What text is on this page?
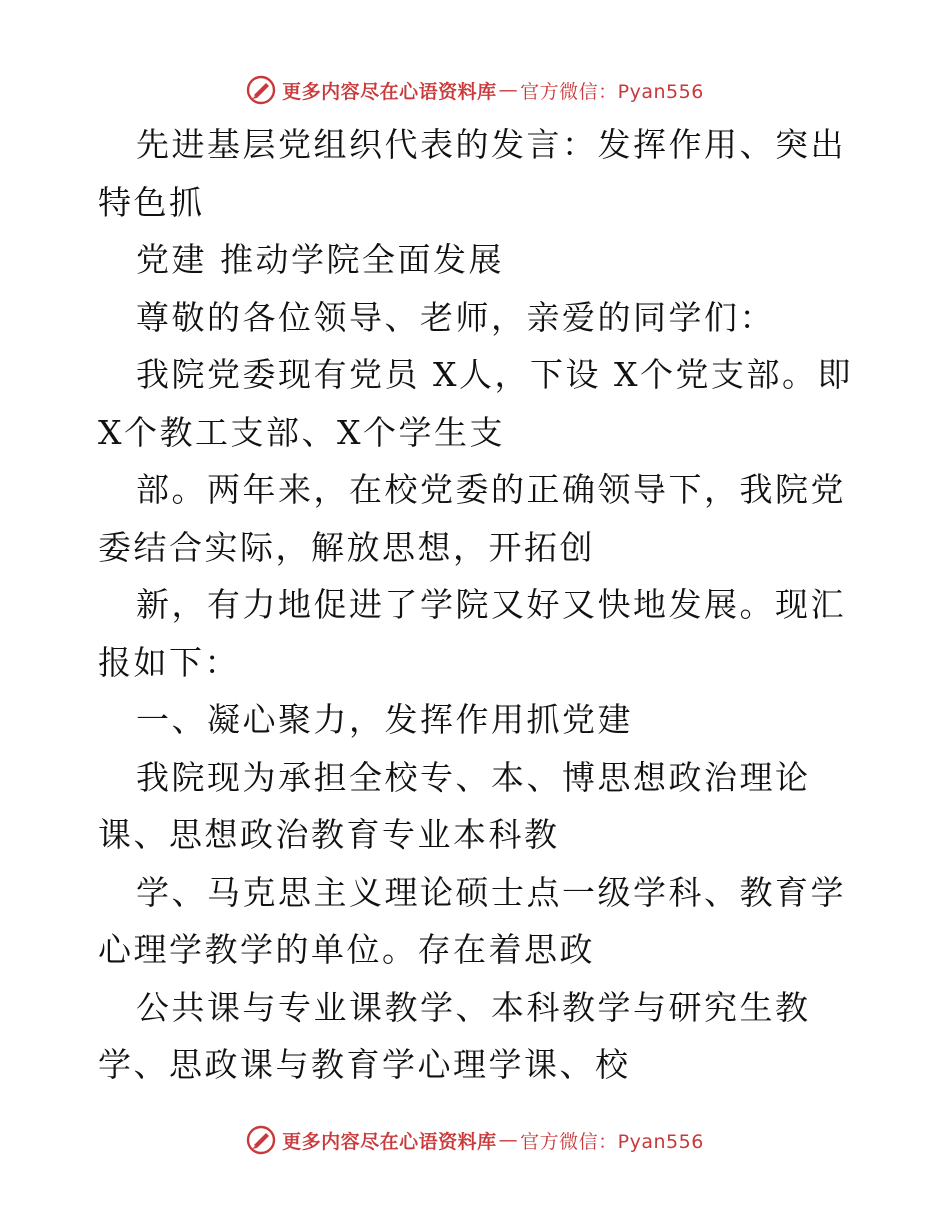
更多内容尽在心语资料库 — 官方微信：Pyan556

先进基层党组织代表的发言：发挥作用、突出特色抓

党建 推动学院全面发展

尊敬的各位领导、老师，亲爱的同学们：

我院党委现有党员 X人，下设 X个党支部。即X个教工支部、X个学生支

部。两年来，在校党委的正确领导下，我院党委结合实际，解放思想，开拓创

新，有力地促进了学院又好又快地发展。现汇报如下：

一、凝心聚力，发挥作用抓党建

我院现为承担全校专、本、博思想政治理论课、思想政治教育专业本科教

学、马克思主义理论硕士点一级学科、教育学心理学教学的单位。存在着思政

公共课与专业课教学、本科教学与研究生教学、思政课与教育学心理学课、校

更多内容尽在心语资料库 — 官方微信：Pyan556
